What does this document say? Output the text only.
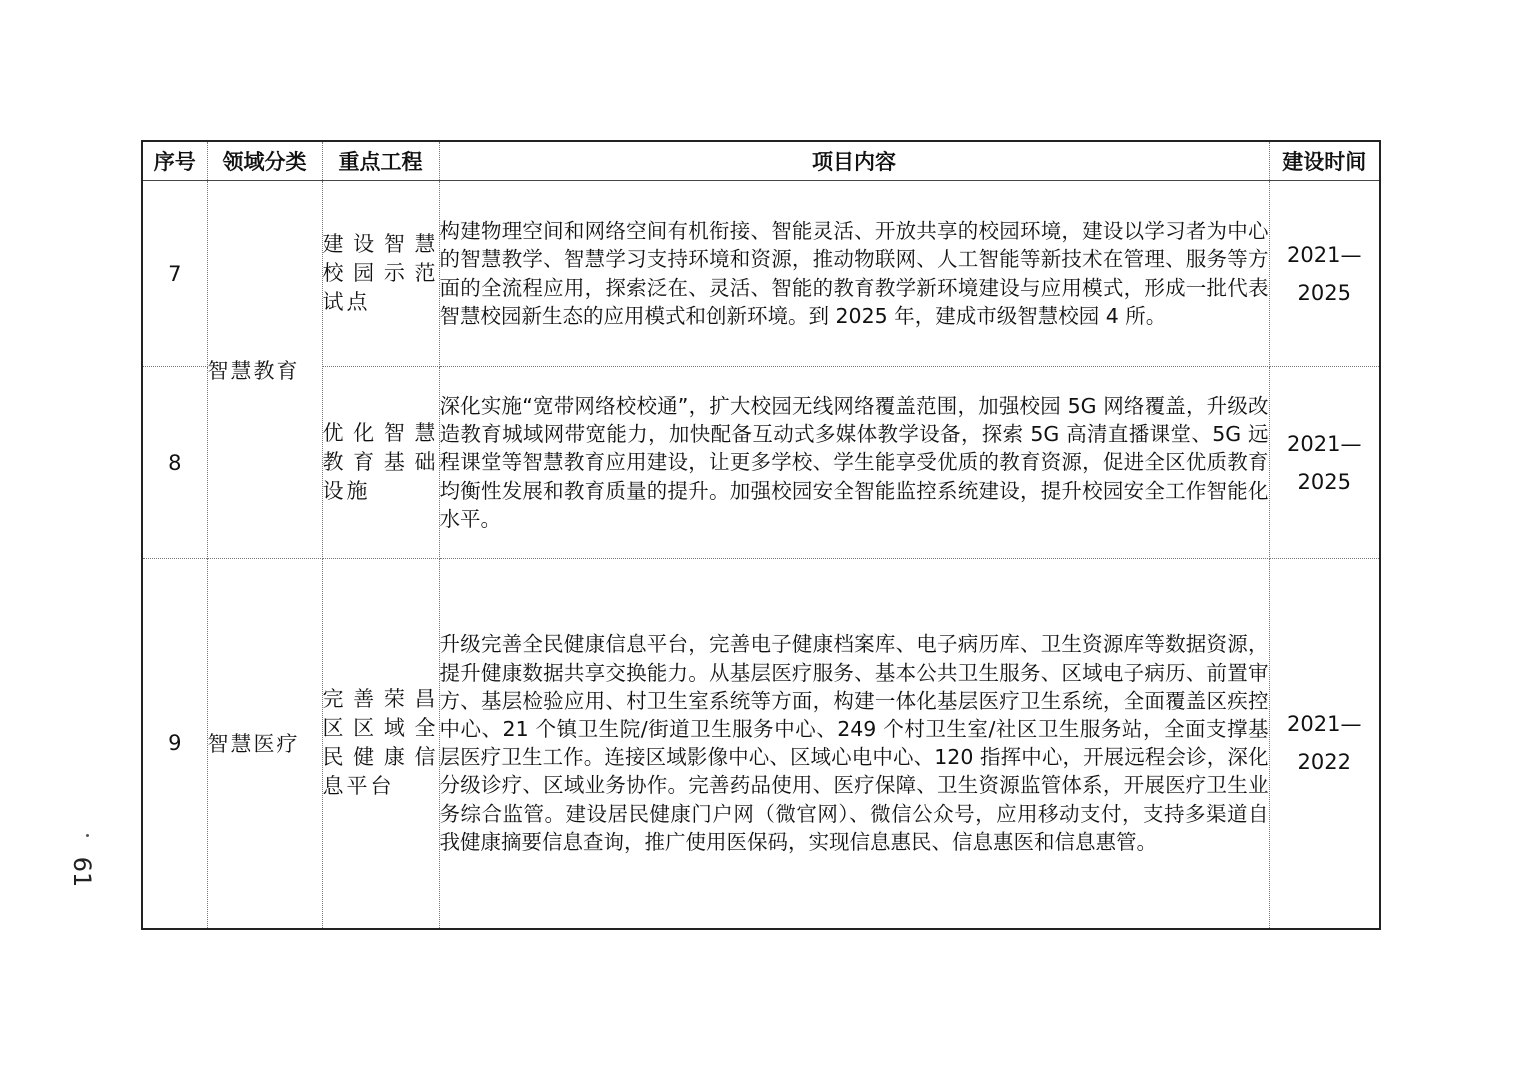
序号	领域分类	重点工程	项目内容	建设时间
7	智慧教育	建设智慧校园示范试点	构建物理空间和网络空间有机衔接、智能灵活、开放共享的校园环境，建设以学习者为中心的智慧教学、智慧学习支持环境和资源，推动物联网、人工智能等新技术在管理、服务等方面的全流程应用，探索泛在、灵活、智能的教育教学新环境建设与应用模式，形成一批代表智慧校园新生态的应用模式和创新环境。到 2025 年，建成市级智慧校园 4 所。	2021—
2025

8		优化智慧教育基础设施	深化实施“宽带网络校校通”，扩大校园无线网络覆盖范围，加强校园 5G 网络覆盖，升级改造教育城域网带宽能力，加快配备互动式多媒体教学设备，探索 5G 高清直播课堂、5G 远程课堂等智慧教育应用建设，让更多学校、学生能享受优质的教育资源，促进全区优质教育均衡性发展和教育质量的提升。加强校园安全智能监控系统建设，提升校园安全工作智能化水平。	2021—
2025

9	智慧医疗	完善荣昌区区域全民健康信息平台	升级完善全民健康信息平台，完善电子健康档案库、电子病历库、卫生资源库等数据资源，提升健康数据共享交换能力。从基层医疗服务、基本公共卫生服务、区域电子病历、前置审方、基层检验应用、村卫生室系统等方面，构建一体化基层医疗卫生系统，全面覆盖区疾控中心、21 个镇卫生院/街道卫生服务中心、249 个村卫生室/社区卫生服务站，全面支撑基层医疗卫生工作。连接区域影像中心、区域心电中心、120 指挥中心，开展远程会诊，深化分级诊疗、区域业务协作。完善药品使用、医疗保障、卫生资源监管体系，开展医疗卫生业务综合监管。建设居民健康门户网（微官网）、微信公众号，应用移动支付，支持多渠道自我健康摘要信息查询，推广使用医保码，实现信息惠民、信息惠医和信息惠管。	2021—
2022
61
